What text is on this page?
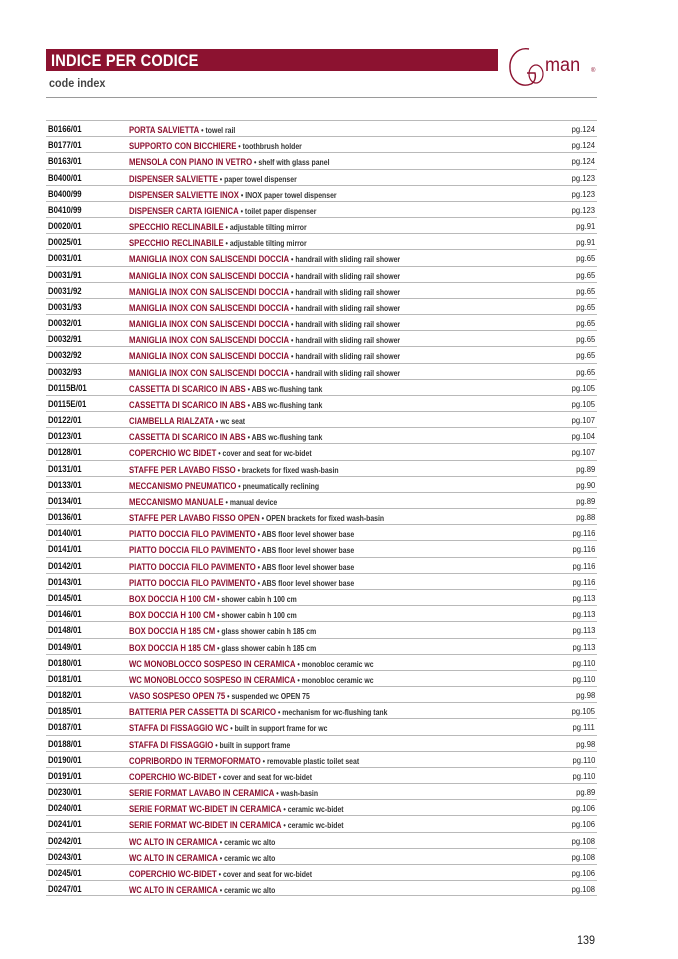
INDICE PER CODICE
code index
man ®
B0166/01	PORTA SALVIETTA • towel rail	pg.124
B0177/01	SUPPORTO CON BICCHIERE • toothbrush holder	pg.124
B0163/01	MENSOLA CON PIANO IN VETRO • shelf with glass panel	pg.124
B0400/01	DISPENSER SALVIETTE • paper towel dispenser	pg.123
B0400/99	DISPENSER SALVIETTE INOX • INOX paper towel dispenser	pg.123
B0410/99	DISPENSER CARTA IGIENICA • toilet paper dispenser	pg.123
D0020/01	SPECCHIO RECLINABILE • adjustable tilting mirror	pg.91
D0025/01	SPECCHIO RECLINABILE • adjustable tilting mirror	pg.91
D0031/01	MANIGLIA INOX CON SALISCENDI DOCCIA • handrail with sliding rail shower	pg.65
D0031/91	MANIGLIA INOX CON SALISCENDI DOCCIA • handrail with sliding rail shower	pg.65
D0031/92	MANIGLIA INOX CON SALISCENDI DOCCIA • handrail with sliding rail shower	pg.65
D0031/93	MANIGLIA INOX CON SALISCENDI DOCCIA • handrail with sliding rail shower	pg.65
D0032/01	MANIGLIA INOX CON SALISCENDI DOCCIA • handrail with sliding rail shower	pg.65
D0032/91	MANIGLIA INOX CON SALISCENDI DOCCIA • handrail with sliding rail shower	pg.65
D0032/92	MANIGLIA INOX CON SALISCENDI DOCCIA • handrail with sliding rail shower	pg.65
D0032/93	MANIGLIA INOX CON SALISCENDI DOCCIA • handrail with sliding rail shower	pg.65
D0115B/01	CASSETTA DI SCARICO IN ABS • ABS wc-flushing tank	pg.105
D0115E/01	CASSETTA DI SCARICO IN ABS • ABS wc-flushing tank	pg.105
D0122/01	CIAMBELLA RIALZATA • wc seat	pg.107
D0123/01	CASSETTA DI SCARICO IN ABS • ABS wc-flushing tank	pg.104
D0128/01	COPERCHIO WC BIDET • cover and seat for wc-bidet	pg.107
D0131/01	STAFFE PER LAVABO FISSO • brackets for fixed wash-basin	pg.89
D0133/01	MECCANISMO PNEUMATICO • pneumatically reclining	pg.90
D0134/01	MECCANISMO MANUALE • manual device	pg.89
D0136/01	STAFFE PER LAVABO FISSO OPEN • OPEN brackets for fixed wash-basin	pg.88
D0140/01	PIATTO DOCCIA FILO PAVIMENTO • ABS floor level shower base	pg.116
D0141/01	PIATTO DOCCIA FILO PAVIMENTO • ABS floor level shower base	pg.116
D0142/01	PIATTO DOCCIA FILO PAVIMENTO • ABS floor level shower base	pg.116
D0143/01	PIATTO DOCCIA FILO PAVIMENTO • ABS floor level shower base	pg.116
D0145/01	BOX DOCCIA H 100 CM • shower cabin h 100 cm	pg.113
D0146/01	BOX DOCCIA H 100 CM • shower cabin h 100 cm	pg.113
D0148/01	BOX DOCCIA H 185 CM • glass shower cabin h 185 cm	pg.113
D0149/01	BOX DOCCIA H 185 CM • glass shower cabin h 185 cm	pg.113
D0180/01	WC MONOBLOCCO SOSPESO IN CERAMICA • monobloc ceramic wc	pg.110
D0181/01	WC MONOBLOCCO SOSPESO IN CERAMICA • monobloc ceramic wc	pg.110
D0182/01	VASO SOSPESO OPEN 75 • suspended wc OPEN 75	pg.98
D0185/01	BATTERIA PER CASSETTA DI SCARICO • mechanism for wc-flushing tank	pg.105
D0187/01	STAFFA DI FISSAGGIO WC • built in support frame for wc	pg.111
D0188/01	STAFFA DI FISSAGGIO • built in support frame	pg.98
D0190/01	COPRIBORDO IN TERMOFORMATO • removable plastic toilet seat	pg.110
D0191/01	COPERCHIO WC-BIDET • cover and seat for wc-bidet	pg.110
D0230/01	SERIE FORMAT LAVABO IN CERAMICA • wash-basin	pg.89
D0240/01	SERIE FORMAT WC-BIDET IN CERAMICA • ceramic wc-bidet	pg.106
D0241/01	SERIE FORMAT WC-BIDET IN CERAMICA • ceramic wc-bidet	pg.106
D0242/01	WC ALTO IN CERAMICA • ceramic wc alto	pg.108
D0243/01	WC ALTO IN CERAMICA • ceramic wc alto	pg.108
D0245/01	COPERCHIO WC-BIDET • cover and seat for wc-bidet	pg.106
D0247/01	WC ALTO IN CERAMICA • ceramic wc alto	pg.108
139
